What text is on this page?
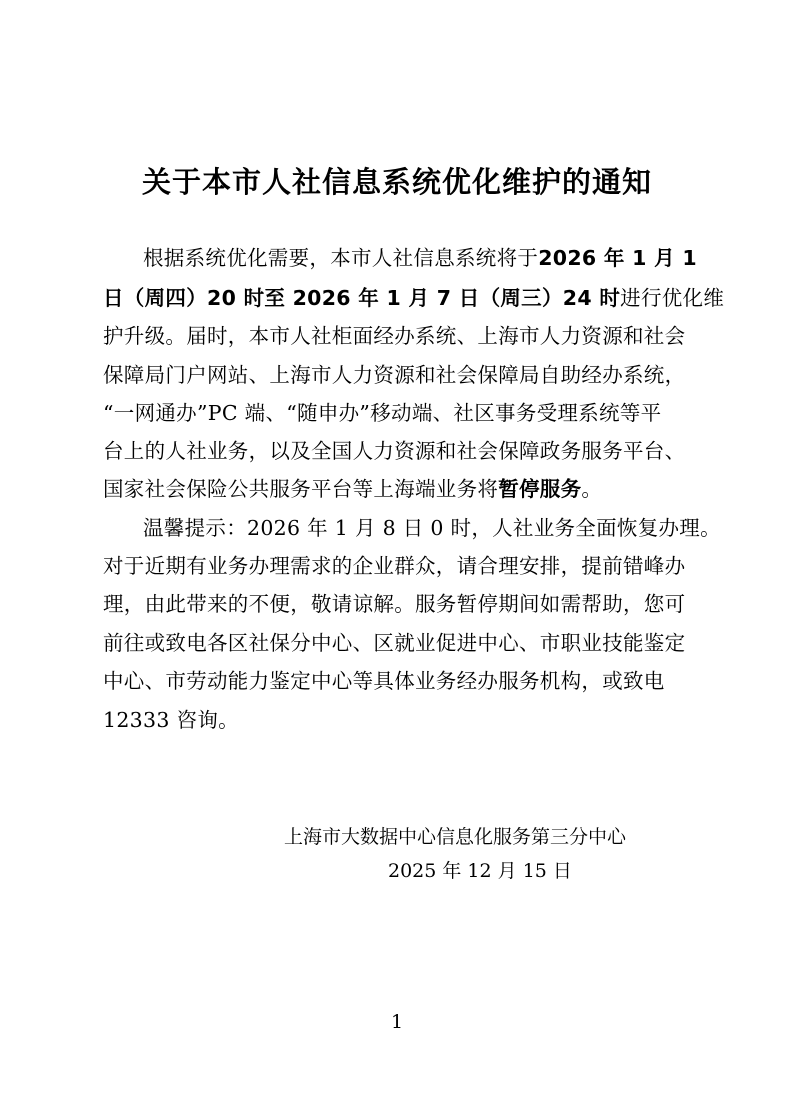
关于本市人社信息系统优化维护的通知
根据系统优化需要，本市人社信息系统将于2026 年 1 月 1
日（周四）20 时至 2026 年 1 月 7 日（周三）24 时进行优化维
护升级。届时，本市人社柜面经办系统、上海市人力资源和社会
保障局门户网站、上海市人力资源和社会保障局自助经办系统，
“一网通办”PC 端、“随申办”移动端、社区事务受理系统等平
台上的人社业务，以及全国人力资源和社会保障政务服务平台、
国家社会保险公共服务平台等上海端业务将暂停服务。
温馨提示：2026 年 1 月 8 日 0 时，人社业务全面恢复办理。
对于近期有业务办理需求的企业群众，请合理安排，提前错峰办
理，由此带来的不便，敬请谅解。服务暂停期间如需帮助，您可
前往或致电各区社保分中心、区就业促进中心、市职业技能鉴定
中心、市劳动能力鉴定中心等具体业务经办服务机构，或致电
12333 咨询。
上海市大数据中心信息化服务第三分中心
2025 年 12 月 15 日
1
